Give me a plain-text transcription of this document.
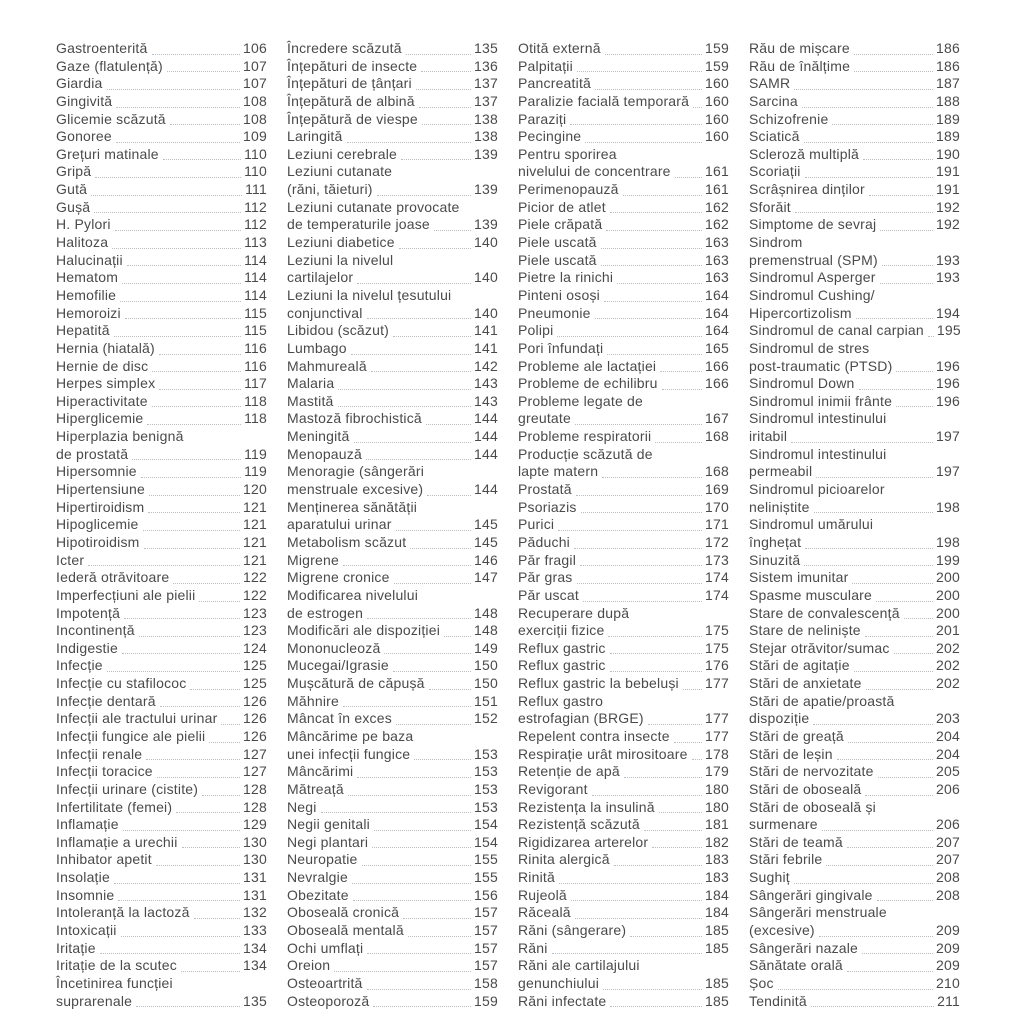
Gastroenterită	106
Gaze (flatulență)	107
Giardia	107
Gingivită	108
Glicemie scăzută	108
Gonoree	109
Grețuri matinale	110
Gripă	110
Gută	111
Gușă	112
H. Pylori	112
Halitoza	113
Halucinații	114
Hematom	114
Hemofilie	114
Hemoroizi	115
Hepatită	115
Hernia (hiatală)	116
Hernie de disc	116
Herpes simplex	117
Hiperactivitate	118
Hiperglicemie	118
Hiperplazia benignă
de prostată	119
Hipersomnie	119
Hipertensiune	120
Hipertiroidism	121
Hipoglicemie	121
Hipotiroidism	121
Icter	121
Iederă otrăvitoare	122
Imperfecțiuni ale pielii	122
Impotență	123
Incontinență	123
Indigestie	124
Infecție	125
Infecție cu stafilococ	125
Infecție dentară	126
Infecții ale tractului urinar 126
Infecții fungice ale pielii	126
Infecții renale	127
Infecții toracice	127
Infecții urinare (cistite)	128
Infertilitate (femei)	128
Inflamație	129
Inflamație a urechii	130
Inhibator apetit	130
Insolație	131
Insomnie	131
Intoleranță la lactoză	132
Intoxicații	133
Iritație	134
Iritație de la scutec	134
Încetinirea funcției
suprarenale	135
Încredere scăzută	135
Înțepături de insecte	136
Înțepături de țânțari	137
Înțepătură de albină	137
Înțepătură de viespe	138
Laringită	138
Leziuni cerebrale	139
Leziuni cutanate
(răni, tăieturi)	139
Leziuni cutanate provocate
de temperaturile joase	139
Leziuni diabetice	140
Leziuni la nivelul
cartilajelor	140
Leziuni la nivelul țesutului
conjunctival	140
Libidou (scăzut)	141
Lumbago	141
Mahmureală	142
Malaria	143
Mastită	143
Mastoză fibrochistică	144
Meningită	144
Menopauză	144
Menoragie (sângerări
menstruale excesive)	144
Menținerea sănătății
aparatului urinar	145
Metabolism scăzut	145
Migrene	146
Migrene cronice	147
Modificarea nivelului
de estrogen	148
Modificări ale dispoziției 148
Mononucleoză	149
Mucegai/Igrasie	150
Mușcătură de căpușă	150
Măhnire	151
Mâncat în exces	152
Mâncărime pe baza
unei infecții fungice	153
Mâncărimi	153
Mătreață	153
Negi	153
Negii genitali	154
Negi plantari	154
Neuropatie	155
Nevralgie	155
Obezitate	156
Oboseală cronică	157
Oboseală mentală	157
Ochi umflați	157
Oreion	157
Osteoartrită	158
Osteoporoză	159
Otită externă	159
Palpitații	159
Pancreatită	160
Paralizie facială temporară 160
Paraziți	160
Pecingine	160
Pentru sporirea
nivelului de concentrare 161
Perimenopauză	161
Picior de atlet	162
Piele crăpată	162
Piele uscată	163
Piele uscată	163
Pietre la rinichi	163
Pinteni osoși	164
Pneumonie	164
Polipi	164
Pori înfundați	165
Probleme ale lactației	166
Probleme de echilibru	166
Probleme legate de
greutate	167
Probleme respiratorii	168
Producție scăzută de
lapte matern	168
Prostată	169
Psoriazis	170
Purici	171
Păduchi	172
Păr fragil	173
Păr gras	174
Păr uscat	174
Recuperare după
exerciții fizice	175
Reflux gastric	175
Reflux gastric	176
Reflux gastric la bebeluși 177
Reflux gastro
estrofagian (BRGE)	177
Repelent contra insecte	177
Respirație urât mirositoare 178
Retenție de apă	179
Revigorant	180
Rezistența la insulină	180
Rezistență scăzută	181
Rigidizarea arterelor	182
Rinita alergică	183
Rinită	183
Rujeolă	184
Răceală	184
Răni (sângerare)	185
Răni	185
Răni ale cartilajului
genunchiului	185
Răni infectate	185
Rău de mișcare	186
Rău de înălțime	186
SAMR	187
Sarcina	188
Schizofrenie	189
Sciatică	189
Scleroză multiplă	190
Scoriații	191
Scrâșnirea dinților	191
Sforăit	192
Simptome de sevraj	192
Sindrom
premenstrual (SPM)	193
Sindromul Asperger	193
Sindromul Cushing/
Hipercortizolism	194
Sindromul de canal carpian 195
Sindromul de stres
post-traumatic (PTSD)	196
Sindromul Down	196
Sindromul inimii frânte	196
Sindromul intestinului
iritabil	197
Sindromul intestinului
permeabil	197
Sindromul picioarelor
neliniștite	198
Sindromul umărului
înghețat	198
Sinuzită	199
Sistem imunitar	200
Spasme musculare	200
Stare de convalescență	200
Stare de neliniște	201
Stejar otrăvitor/sumac	202
Stări de agitație	202
Stări de anxietate	202
Stări de apatie/proastă
dispoziție	203
Stări de greață	204
Stări de leșin	204
Stări de nervozitate	205
Stări de oboseală	206
Stări de oboseală și
surmenare	206
Stări de teamă	207
Stări febrile	207
Sughiț	208
Sângerări gingivale	208
Sângerări menstruale
(excesive)	209
Sângerări nazale	209
Sănătate orală	209
Șoc	210
Tendinită	211
